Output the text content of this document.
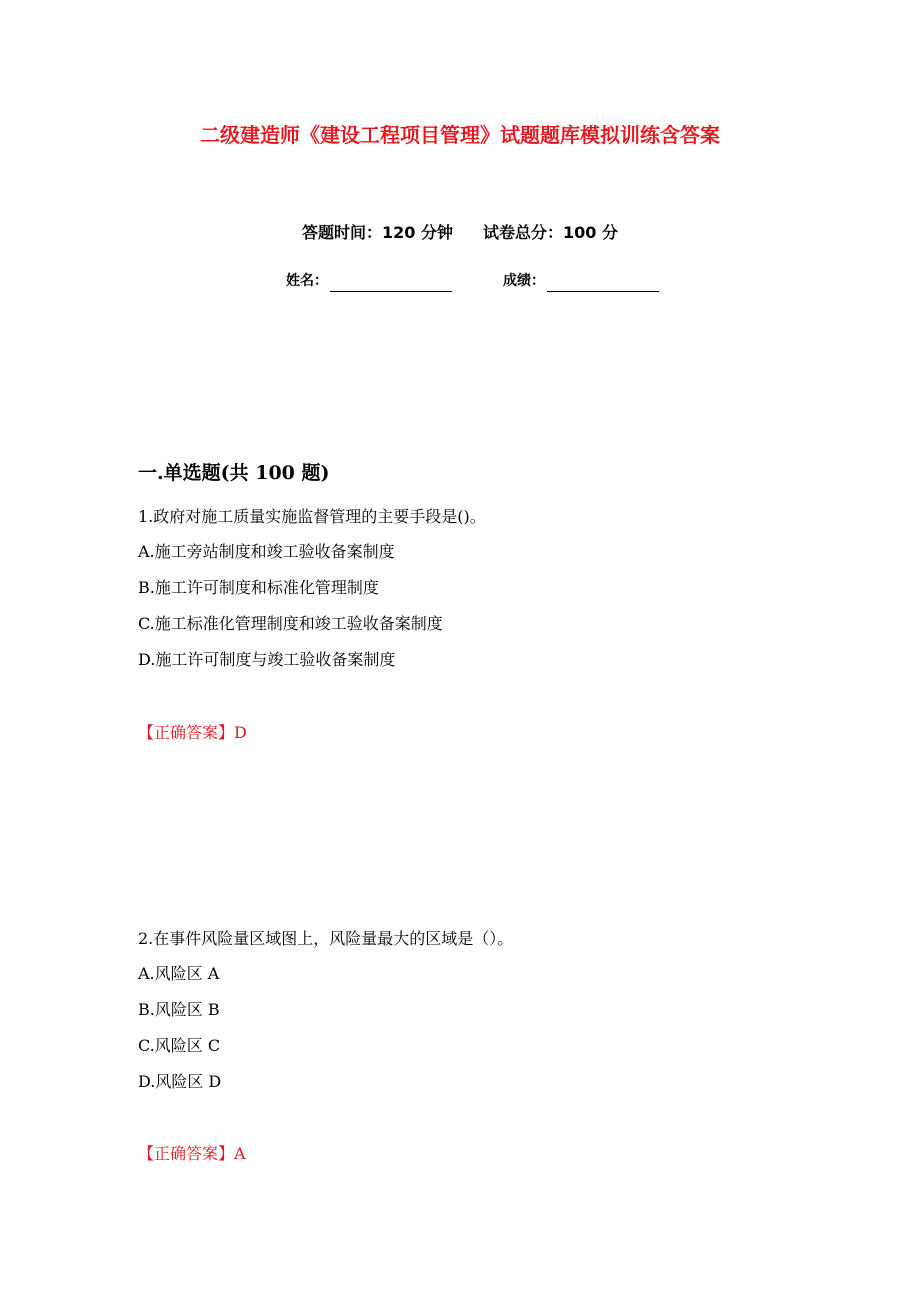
二级建造师《建设工程项目管理》试题题库模拟训练含答案
答题时间：120 分钟 试卷总分：100 分
姓名：	成绩：
一.单选题(共 100 题)
1.政府对施工质量实施监督管理的主要手段是()。
A.施工旁站制度和竣工验收备案制度
B.施工许可制度和标准化管理制度
C.施工标准化管理制度和竣工验收备案制度
D.施工许可制度与竣工验收备案制度
【正确答案】D
2.在事件风险量区域图上，风险量最大的区域是（）。
A.风险区 A
B.风险区 B
C.风险区 C
D.风险区 D
【正确答案】A
